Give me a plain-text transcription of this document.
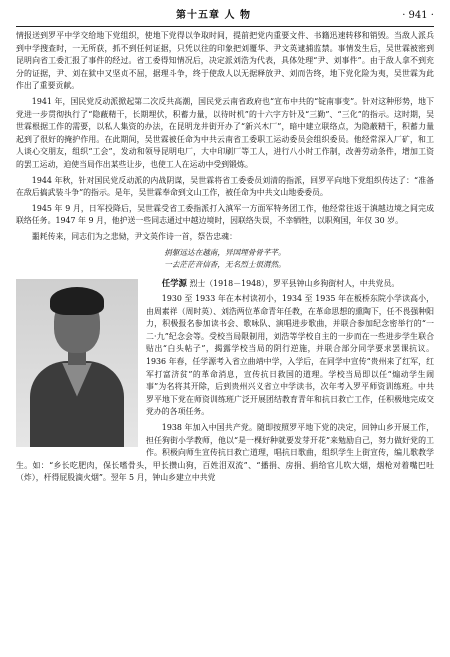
第十五章 人 物	· 941 ·

情报送到罗平中学交给地下党组织，使地下党得以争取时间，提前把党内重要文件、书籍迅速转移和销毁。当敌人派兵到中学搜查时，一无所获，抓不到任何证据，只凭以往的印象把刘覆华、尹文英逮捕监禁。事情发生后，吴世霖被密到昆明向省工委汇报了事件的经过。省工委得知情况后，决定派刘浩为代表，具体处理“尹、刘事件”。由于敌人拿不到充分的证据，尹、刘在狱中又坚贞不屈，据理斗争，终于使敌人以无据释放尹、刘而告终，地下党化险为夷，吴世霖为此作出了重要贡献。

1941 年，国民党反动派掀起第二次反共高潮，国民党云南省政府也“宣布中共的“锭南事变”。针对这种形势，地下党进一步贯彻执行了“隐蔽精干，长期埋伏，积蓄力量，以待时机”的十六字方针及“三勤”、“三化”的指示。这时期，吴世霖根据工作的需要，以私人集资的办法，在昆明龙井街开办了“新兴木厂”，暗中建立联络点，为隐蔽精干，积蓄力量起到了很好的掩护作用。在此期间，吴世霖被任命为中共云南省工委职工运动委员会组织委员。他经常深入厂矿，和工人谈心交朋友，组织“工会”，发动和领导昆明电厂，大中印刷厂等工人，进行八小时工作制，改善劳动条件，增加工资的罢工运动，迫使当局作出某些让步，也使工人在运动中受到锻炼。

1944 年秋，针对国民党反动派的内战阴谋，吴世霖将省工委委员刘清的指派，回罗平向地下党组织传达了：“准备在敌后搞武装斗争”的指示。是年，吴世霖奉命到文山工作，被任命为中共文山地委委员。

1945 年 9 月，日军投降后，吴世霖受省工委指派打入滇军一方面军特务团工作，他经常往返于滇越边境之间完成联络任务。1947 年 9 月，他护送一些同志通过中越边境时，因联络失误，不幸牺牲，以职殉国，年仅 30 岁。

噩耗传来，同志们为之悲恸，尹文英作诗一首，祭告忠魂：

捐躯远达在越南，异国埋骨骨芊芊。
一去茫茫音信杳，无名烈士很潸然。

任学源 烈士（1918－1948），罗平县钟山乡狗街村人，中共党员。

1930 至 1933 年在本村读初小，1934 至 1935 年在板桥东院小学读高小，由周素祥（周时英）、刘浩两位革命青年任教，在革命思想的熏陶下，任不畏强种阳力，积极报名参加读书会、歌咏队、演唱进步歌曲，并联合参加纪念密举行的“一二·九”纪念会等。受校当局限制用，刘浩等学校自主的一步而在一些进步学生联合贴出“白头帖子”，揭露学校当局的阴行逆施，并联合部分同学要求罢课抗议。1936 年春，任学源考入省立曲靖中学，入学后，在同学中宣传“贵州来了红军，红军打富济贫”的革命消息，宣传抗日救国的道理。学校当局即以任“煽动学生闹事”为名将其开除，后到贵州兴义省立中学读书，次年考入罗平师资训练班。中共罗平地下党在师资训练班广泛开展团结教育青年和抗日救亡工作，任积极地完成交党办的各项任务。

1938 年加入中国共产党。随即按照罗平地下党的决定，回钟山乡开展工作，担任狗街小学教师，他以“是一棵好种就要发芽开花”来勉励自己，努力做好党的工作。积极向师生宣传抗日救亡道理，唱抗日歌曲，组织学生上街宣传，编儿歌教学生。如：“乡长吃肥肉，保长嗜骨头，甲长攒山狗，百姓泪双流”、“播捐、房捐、捐给官儿吹大烟，烟枪对着嘴巴吐（炸），杆得屁股滴火烟”。翌年 5 月，钟山乡建立中共党
